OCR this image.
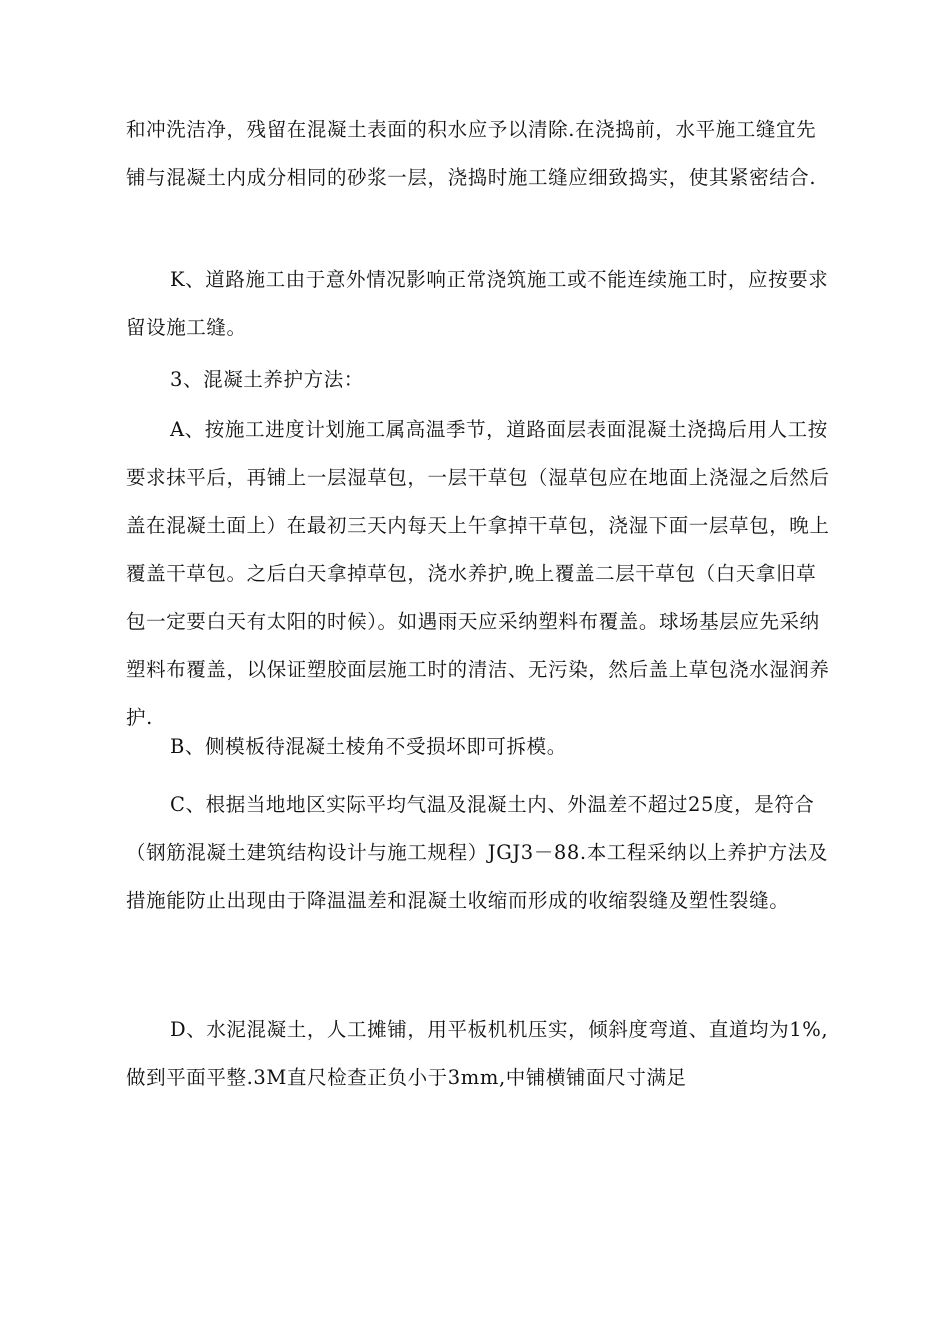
和冲洗洁净，残留在混凝土表面的积水应予以清除.在浇捣前，水平施工缝宜先铺与混凝土内成分相同的砂浆一层，浇捣时施工缝应细致捣实，使其紧密结合.

K、道路施工由于意外情况影响正常浇筑施工或不能连续施工时，应按要求留设施工缝。

3、混凝土养护方法：

A、按施工进度计划施工属高温季节，道路面层表面混凝土浇捣后用人工按要求抹平后，再铺上一层湿草包，一层干草包（湿草包应在地面上浇湿之后然后盖在混凝土面上）在最初三天内每天上午拿掉干草包，浇湿下面一层草包，晚上覆盖干草包。之后白天拿掉草包，浇水养护,晚上覆盖二层干草包（白天拿旧草包一定要白天有太阳的时候）。如遇雨天应采纳塑料布覆盖。球场基层应先采纳塑料布覆盖，以保证塑胶面层施工时的清洁、无污染，然后盖上草包浇水湿润养护.

B、侧模板待混凝土棱角不受损坏即可拆模。

C、根据当地地区实际平均气温及混凝土内、外温差不超过25度，是符合（钢筋混凝土建筑结构设计与施工规程）JGJ3－88.本工程采纳以上养护方法及措施能防止出现由于降温温差和混凝土收缩而形成的收缩裂缝及塑性裂缝。

D、水泥混凝土，人工摊铺，用平板机机压实，倾斜度弯道、直道均为1%,做到平面平整.3M直尺检查正负小于3mm,中铺横铺面尺寸满足
